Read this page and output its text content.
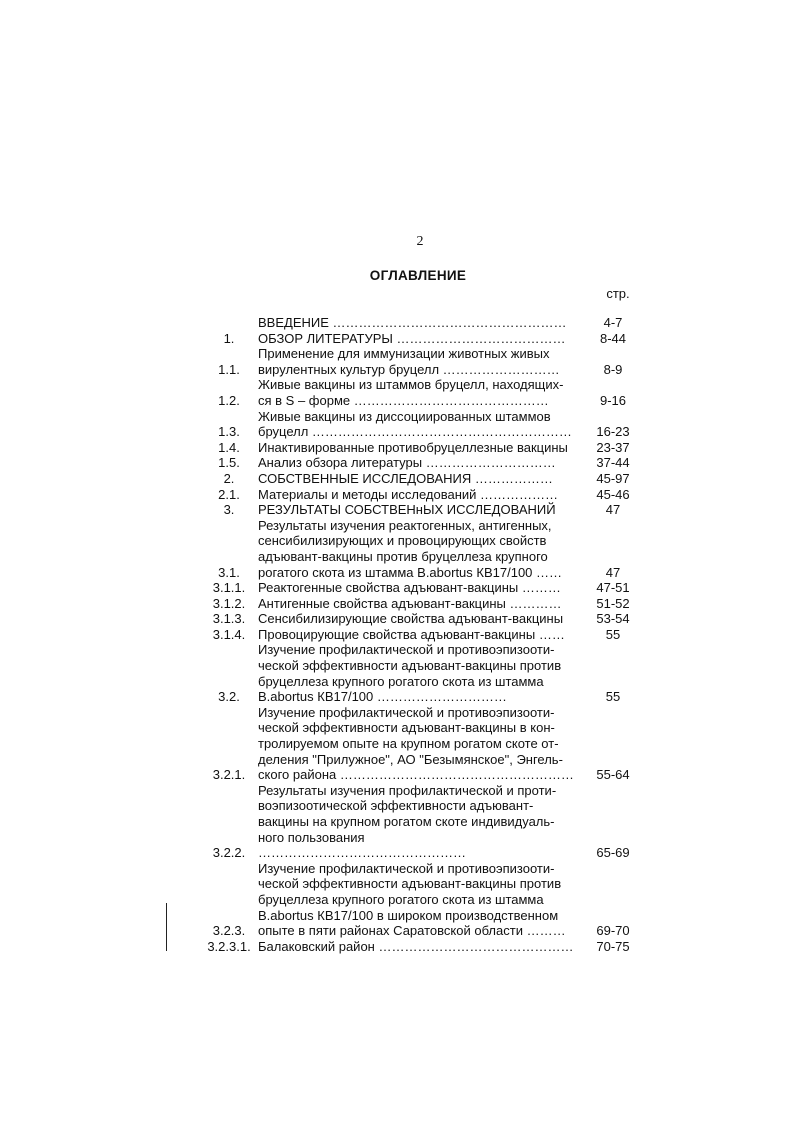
2
ОГЛАВЛЕНИЕ
стр.
ВВЕДЕНИЕ ………………………………………………	4-7
1.	ОБЗОР ЛИТЕРАТУРЫ …………………………………	8-44
1.1.
Применение для иммунизации животных живых
вирулентных культур бруцелл ………………………	8-9
1.2.
Живые вакцины из штаммов бруцелл, находящих-
ся в S – форме ………………………………………	9-16
1.3.
Живые вакцины из диссоциированных штаммов
бруцелл ……………………………………………………	16-23
1.4.	Инактивированные противобруцеллезные вакцины	23-37
1.5.	Анализ обзора литературы …………………………	37-44
2.	СОБСТВЕННЫЕ ИССЛЕДОВАНИЯ ………………	45-97
2.1.	Материалы и методы исследований ………………	45-46
3.	РЕЗУЛЬТАТЫ СОБСТВЕНнЫХ ИССЛЕДОВАНИЙ	47
3.1.
Результаты изучения реактогенных, антигенных,
сенсибилизирующих и провоцирующих свойств
адъювант-вакцины против бруцеллеза крупного
рогатого скота из штамма B.abortus КВ17/100 ……	47
3.1.1. Реактогенные свойства адъювант-вакцины ………	47-51
3.1.2. Антигенные свойства адъювант-вакцины …………	51-52
3.1.3. Сенсибилизирующие свойства адъювант-вакцины	53-54
3.1.4. Провоцирующие свойства адъювант-вакцины ……	55
3.2.
Изучение профилактической и противоэпизооти-
ческой эффективности адъювант-вакцины против
бруцеллеза крупного рогатого скота из штамма
B.abortus КВ17/100 …………………………	55
3.2.1.
Изучение профилактической и противоэпизооти-
ческой эффективности адъювант-вакцины в кон-
тролируемом опыте на крупном рогатом скоте от-
деления "Прилужное", АО "Безымянское", Энгель-
ского района ………………………………………………	55-64
3.2.2.
Результаты изучения профилактической и проти-
воэпизоотической эффективности адъювант-
вакцины на крупном рогатом скоте индивидуаль-
ного пользования …………………………………………	65-69
3.2.3.
Изучение профилактической и противоэпизооти-
ческой эффективности адъювант-вакцины против
бруцеллеза крупного рогатого скота из штамма
B.abortus КВ17/100 в широком производственном
опыте в пяти районах Саратовской области ………	69-70
3.2.3.1. Балаковский район ………………………………………	70-75
